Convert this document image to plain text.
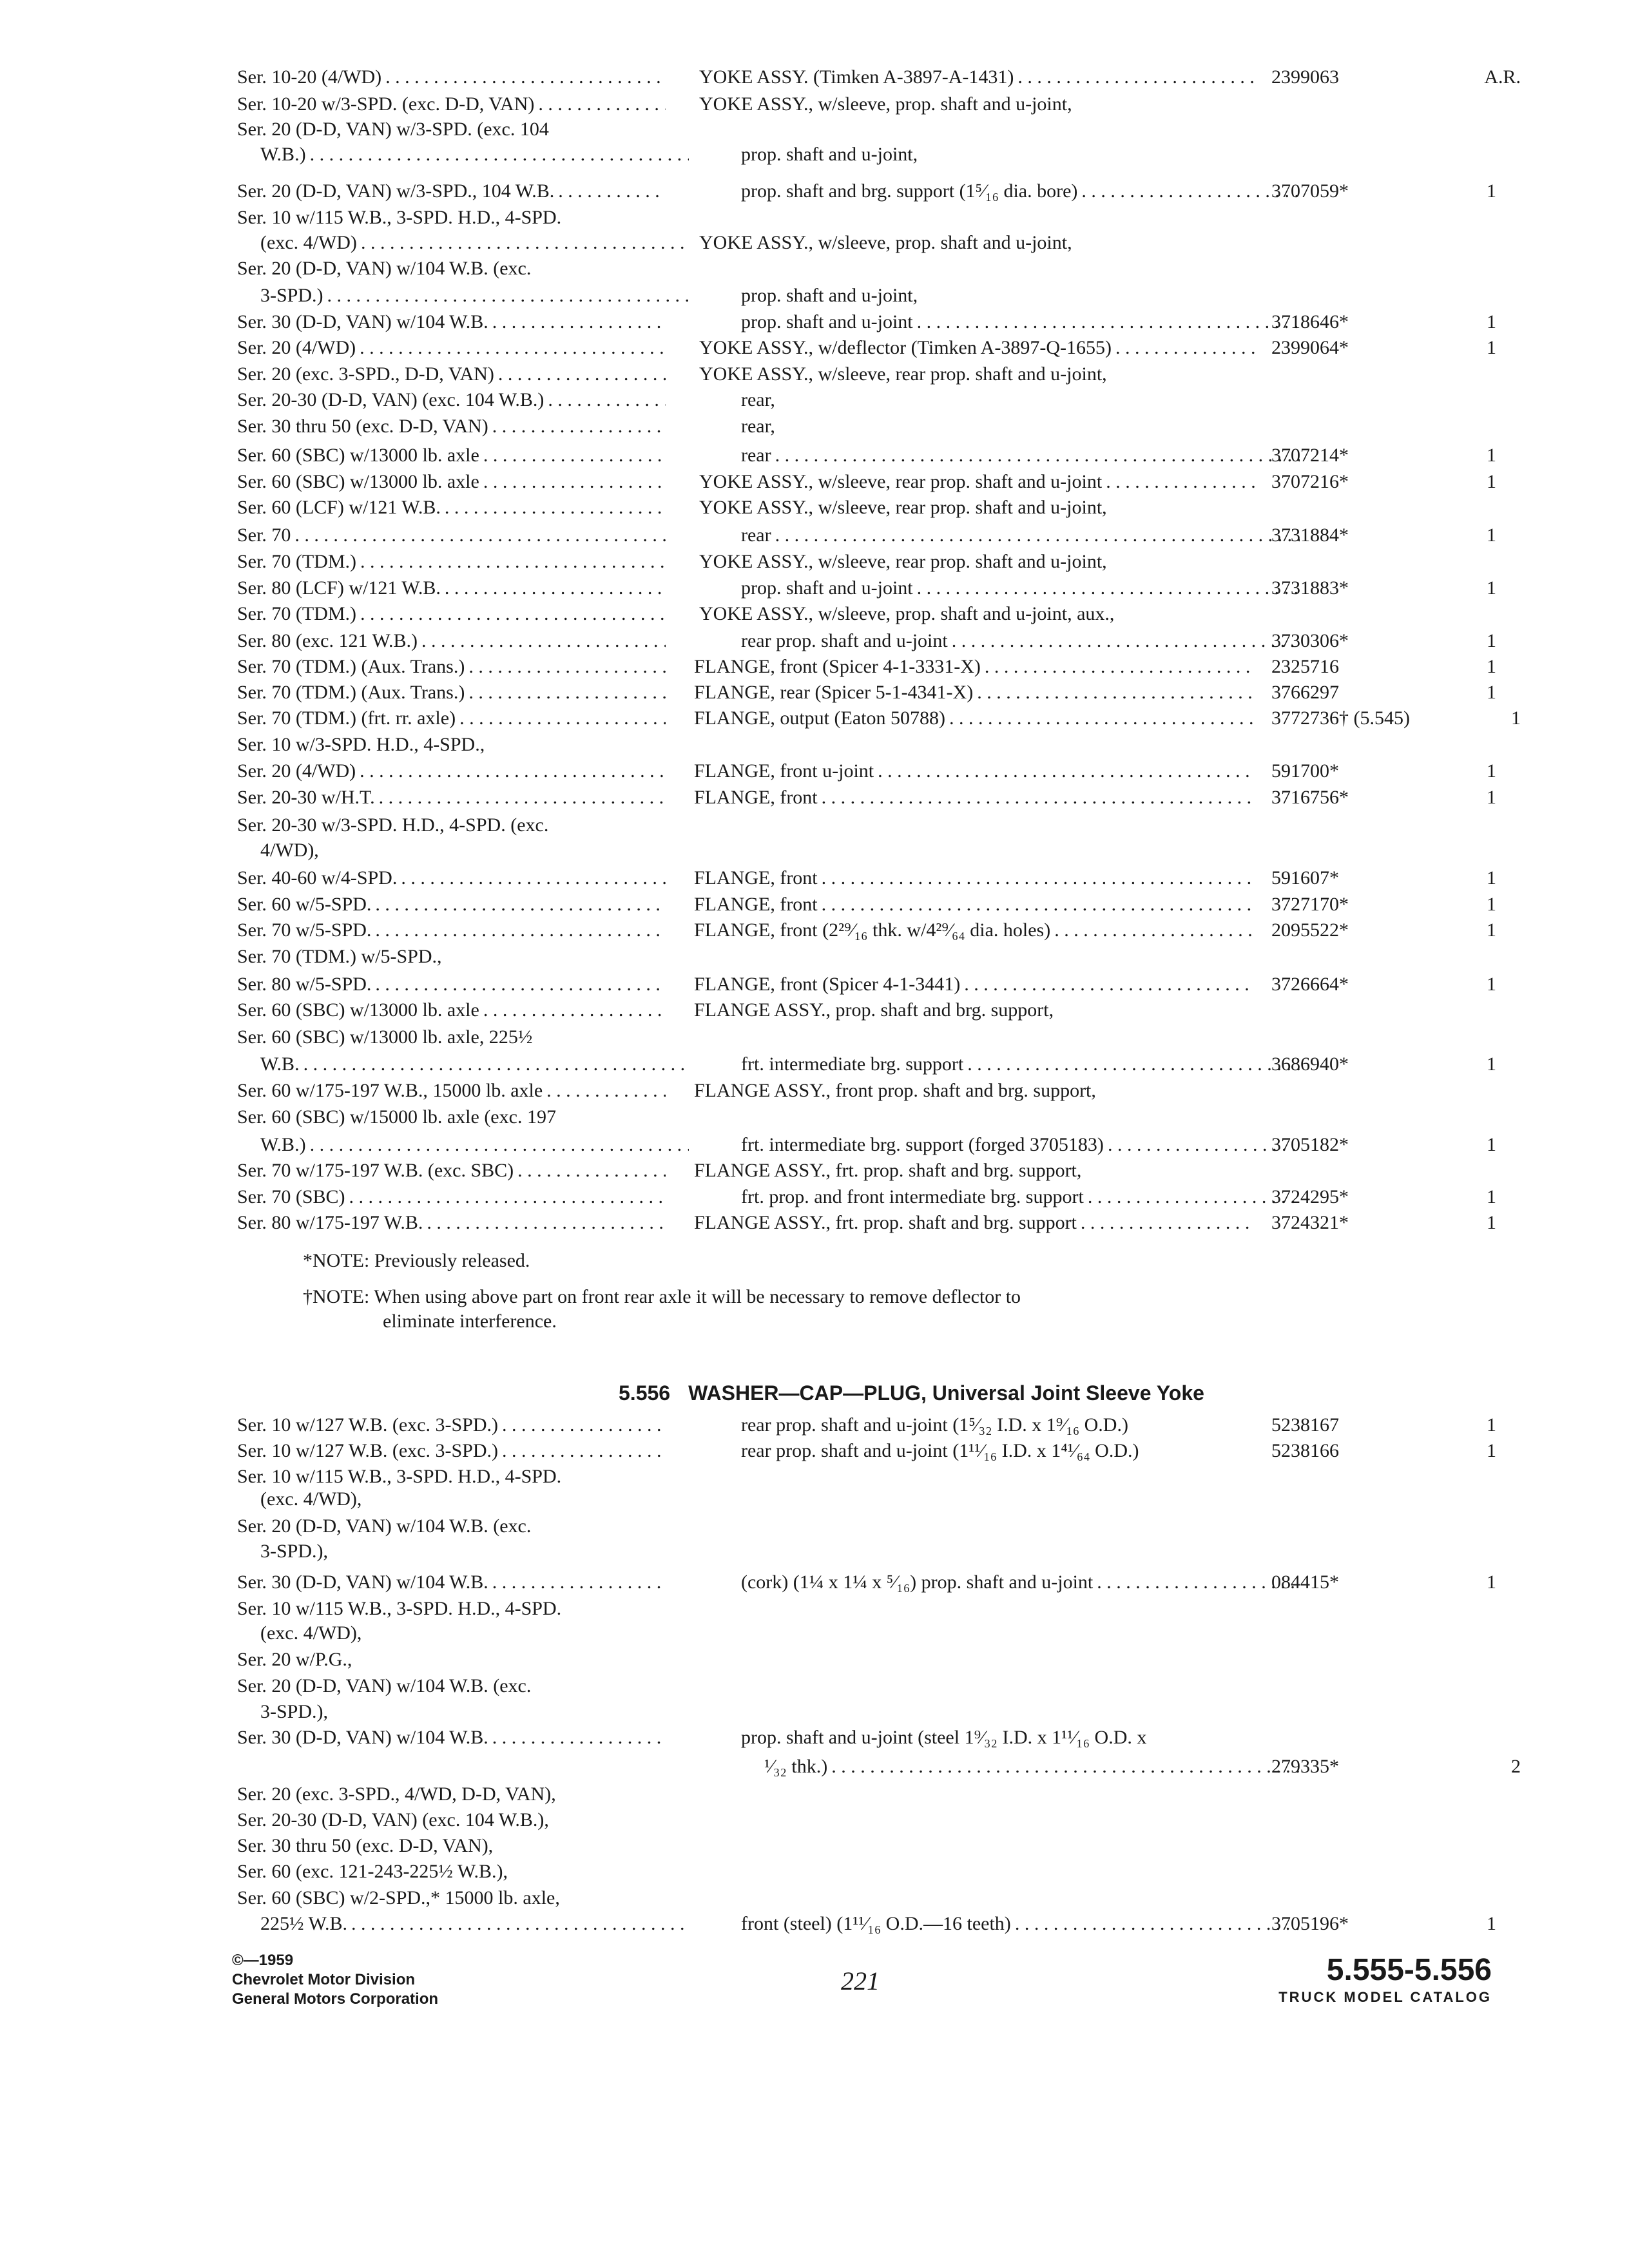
Ser. 10-20 (4/WD) . . .	YOKE ASSY. (Timken A-3897-A-1431) . . .	2399063	A.R.
Ser. 10-20 w/3-SPD. (exc. D-D, VAN) . . .	YOKE ASSY., w/sleeve, prop. shaft and u-joint,
Ser. 20 (D-D, VAN) w/3-SPD. (exc. 104
W.B.) . . .	prop. shaft and u-joint,
Ser. 20 (D-D, VAN) w/3-SPD., 104 W.B. . . .	prop. shaft and brg. support (1⁵⁄₁₆ dia. bore) . . .	3707059*	1
Ser. 10 w/115 W.B., 3-SPD. H.D., 4-SPD.
(exc. 4/WD) . . .	YOKE ASSY., w/sleeve, prop. shaft and u-joint,
Ser. 20 (D-D, VAN) w/104 W.B. (exc.
3-SPD.) . . .	prop. shaft and u-joint,
Ser. 30 (D-D, VAN) w/104 W.B. . . .	prop. shaft and u-joint . . .	3718646*	1
Ser. 20 (4/WD) . . .	YOKE ASSY., w/deflector (Timken A-3897-Q-1655) . . .	2399064*	1
Ser. 20 (exc. 3-SPD., D-D, VAN) . . .	YOKE ASSY., w/sleeve, rear prop. shaft and u-joint,
Ser. 20-30 (D-D, VAN) (exc. 104 W.B.) . . .	rear,
Ser. 30 thru 50 (exc. D-D, VAN) . . .	rear,
Ser. 60 (SBC) w/13000 lb. axle . . .	rear . . .	3707214*	1
Ser. 60 (SBC) w/13000 lb. axle . . .	YOKE ASSY., w/sleeve, rear prop. shaft and u-joint . . .	3707216*	1
Ser. 60 (LCF) w/121 W.B. . . .	YOKE ASSY., w/sleeve, rear prop. shaft and u-joint,
Ser. 70 . . .	rear . . .	3731884*	1
Ser. 70 (TDM.) . . .	YOKE ASSY., w/sleeve, rear prop. shaft and u-joint,
Ser. 80 (LCF) w/121 W.B. . . .	prop. shaft and u-joint . . .	3731883*	1
Ser. 70 (TDM.) . . .	YOKE ASSY., w/sleeve, prop. shaft and u-joint, aux.,
Ser. 80 (exc. 121 W.B.) . . .	rear prop. shaft and u-joint . . .	3730306*	1
Ser. 70 (TDM.) (Aux. Trans.) . . .	FLANGE, front (Spicer 4-1-3331-X) . . .	2325716	1
Ser. 70 (TDM.) (Aux. Trans.) . . .	FLANGE, rear (Spicer 5-1-4341-X) . . .	3766297	1
Ser. 70 (TDM.) (frt. rr. axle) . . .	FLANGE, output (Eaton 50788) . . .	3772736† (5.545)	1
Ser. 10 w/3-SPD. H.D., 4-SPD.,
Ser. 20 (4/WD) . . .	FLANGE, front u-joint . . .	591700*	1
Ser. 20-30 w/H.T. . . .	FLANGE, front . . .	3716756*	1
Ser. 20-30 w/3-SPD. H.D., 4-SPD. (exc.
4/WD),
Ser. 40-60 w/4-SPD. . . .	FLANGE, front . . .	591607*	1
Ser. 60 w/5-SPD. . . .	FLANGE, front . . .	3727170*	1
Ser. 70 w/5-SPD. . . .	FLANGE, front (2²⁹⁄₁₆ thk. w/4²⁹⁄₆₄ dia. holes) . . .	2095522*	1
Ser. 70 (TDM.) w/5-SPD.,
Ser. 80 w/5-SPD. . . .	FLANGE, front (Spicer 4-1-3441) . . .	3726664*	1
Ser. 60 (SBC) w/13000 lb. axle . . .	FLANGE ASSY., prop. shaft and brg. support,
Ser. 60 (SBC) w/13000 lb. axle, 225½
W.B. . . .	frt. intermediate brg. support . . .	3686940*	1
Ser. 60 w/175-197 W.B., 15000 lb. axle . . .	FLANGE ASSY., front prop. shaft and brg. support,
Ser. 60 (SBC) w/15000 lb. axle (exc. 197
W.B.) . . .	frt. intermediate brg. support (forged 3705183) . . .	3705182*	1
Ser. 70 w/175-197 W.B. (exc. SBC) . . .	FLANGE ASSY., frt. prop. shaft and brg. support,
Ser. 70 (SBC) . . .	frt. prop. and front intermediate brg. support . . .	3724295*	1
Ser. 80 w/175-197 W.B. . . .	FLANGE ASSY., frt. prop. shaft and brg. support . . .	3724321*	1
*NOTE: Previously released.
†NOTE: When using above part on front rear axle it will be necessary to remove deflector to
eliminate interference.
5.556 WASHER—CAP—PLUG, Universal Joint Sleeve Yoke
Ser. 10 w/127 W.B. (exc. 3-SPD.) . . .	rear prop. shaft and u-joint (1⁵⁄₃₂ I.D. x 1⁹⁄₁₆ O.D.)	5238167	1
Ser. 10 w/127 W.B. (exc. 3-SPD.) . . .	rear prop. shaft and u-joint (1¹¹⁄₁₆ I.D. x 1⁴¹⁄₆₄ O.D.)	5238166	1
Ser. 10 w/115 W.B., 3-SPD. H.D., 4-SPD.
(exc. 4/WD),
Ser. 20 (D-D, VAN) w/104 W.B. (exc.
3-SPD.),
Ser. 30 (D-D, VAN) w/104 W.B. . . .	(cork) (1¼ x 1¼ x ⁵⁄₁₆) prop. shaft and u-joint . . .	084415*	1
Ser. 10 w/115 W.B., 3-SPD. H.D., 4-SPD.
(exc. 4/WD),
Ser. 20 w/P.G.,
Ser. 20 (D-D, VAN) w/104 W.B. (exc.
3-SPD.),
Ser. 30 (D-D, VAN) w/104 W.B. . . .	prop. shaft and u-joint (steel 1⁹⁄₃₂ I.D. x 1¹¹⁄₁₆ O.D. x
¹⁄₃₂ thk.) . . .	279335*	2
Ser. 20 (exc. 3-SPD., 4/WD, D-D, VAN),
Ser. 20-30 (D-D, VAN) (exc. 104 W.B.),
Ser. 30 thru 50 (exc. D-D, VAN),
Ser. 60 (exc. 121-243-225½ W.B.),
Ser. 60 (SBC) w/2-SPD.,* 15000 lb. axle,
225½ W.B. . . .	front (steel) (1¹¹⁄₁₆ O.D.—16 teeth) . . .	3705196*	1
©—1959
Chevrolet Motor Division
General Motors Corporation
221	5.555-5.556
TRUCK MODEL CATALOG
